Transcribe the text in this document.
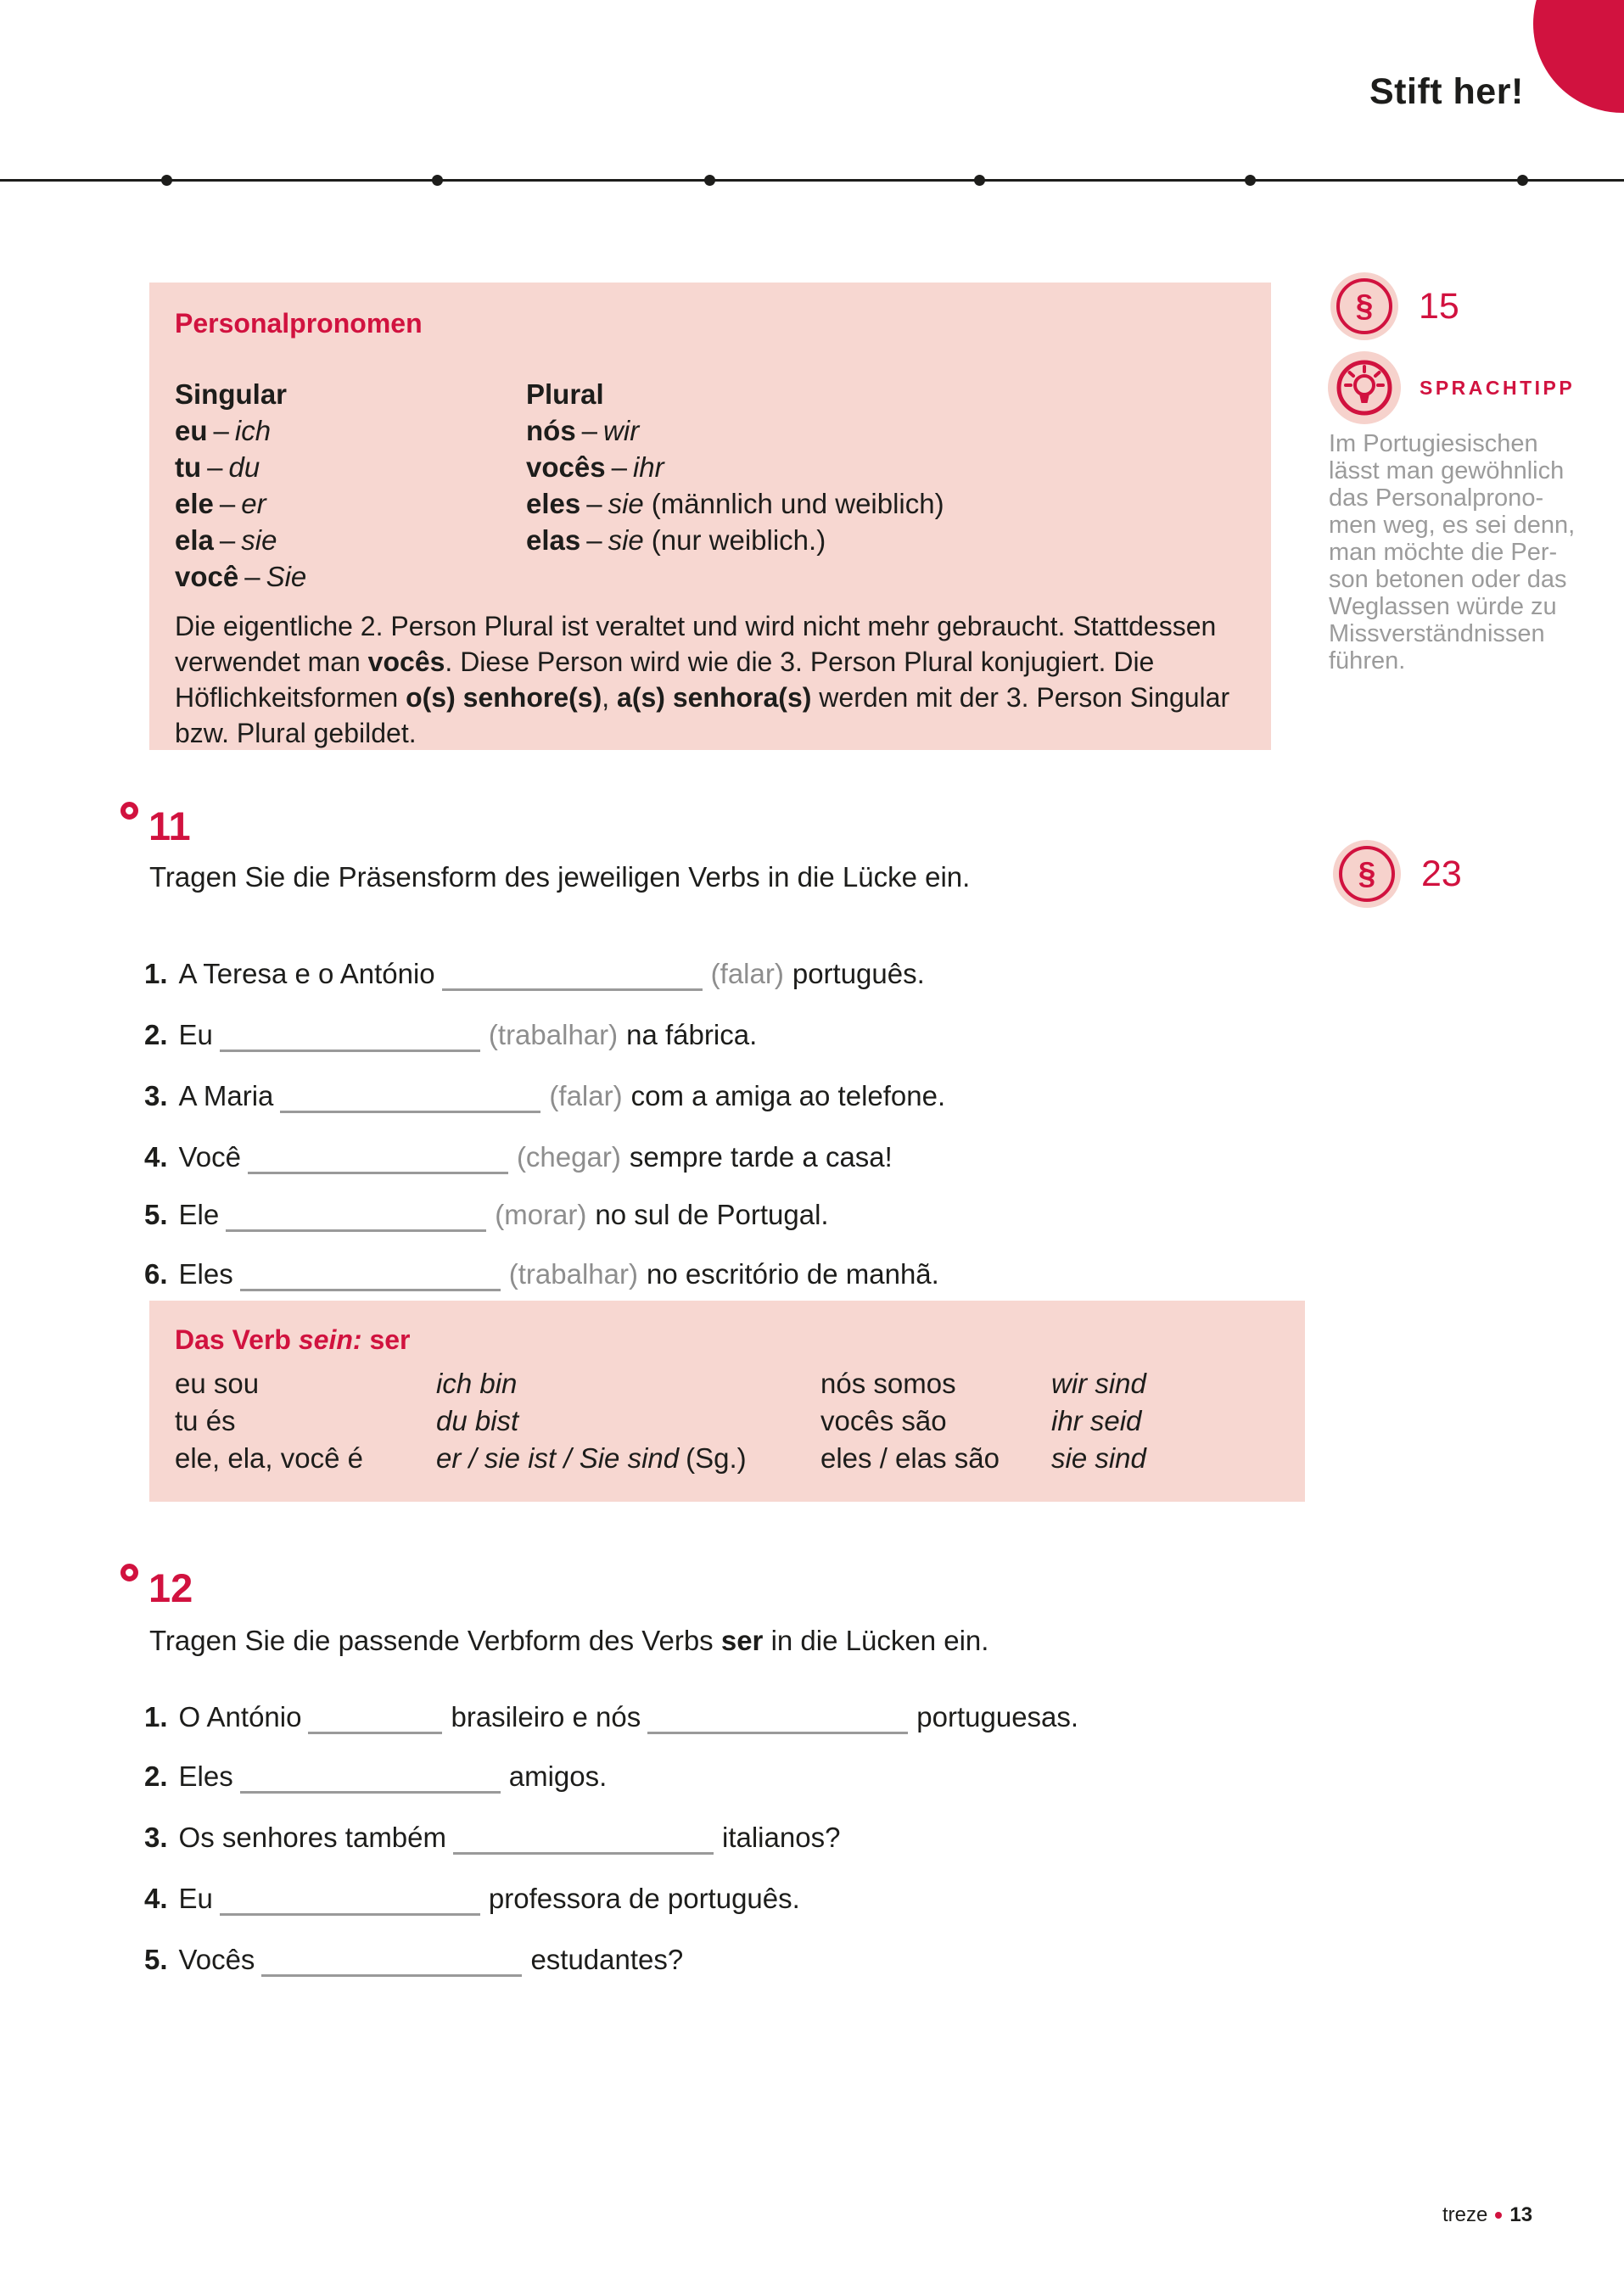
Stift her!
Personalpronomen
Singular
eu – ich
tu – du
ele – er
ela – sie
você – Sie
Plural
nós – wir
vocês – ihr
eles – sie (männlich und weiblich)
elas – sie (nur weiblich.)

Die eigentliche 2. Person Plural ist veraltet und wird nicht mehr gebraucht. Stattdessen verwendet man vocês. Diese Person wird wie die 3. Person Plural konjugiert. Die Höflichkeitsformen o(s) senhore(s), a(s) senhora(s) werden mit der 3. Person Singular bzw. Plural gebildet.

§ 15
SPRACHTIPP
Im Portugiesischen
lässt man gewöhnlich
das Personalprono-
men weg, es sei denn,
man möchte die Per-
son betonen oder das
Weglassen würde zu
Missverständnissen
führen.
11

Tragen Sie die Präsensform des jeweiligen Verbs in die Lücke ein.	§ 23
1. A Teresa e o António	(falar) português.
2. Eu	(trabalhar) na fábrica.
3. A Maria	(falar) com a amiga ao telefone.
4. Você	(chegar) sempre tarde a casa!
5. Ele	(morar) no sul de Portugal.
6. Eles	(trabalhar) no escritório de manhã.
Das Verb sein: ser
eu sou	ich bin	nós somos	wir sind
tu és	du bist	vocês são	ihr seid
ele, ela, você é	er / sie ist / Sie sind (Sg.)	eles / elas são	sie sind
12

Tragen Sie die passende Verbform des Verbs ser in die Lücken ein.

1. O António	brasileiro e nós	portuguesas.
2. Eles	amigos.
3. Os senhores também	italianos?
4. Eu	professora de português.
5. Vocês	estudantes?
treze 13
